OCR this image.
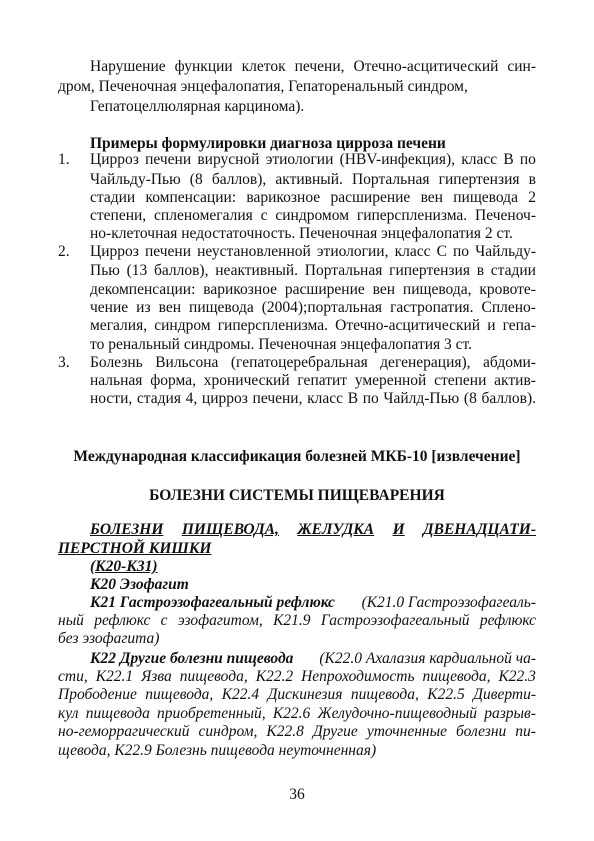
Нарушение функции клеток печени, Отечно-асцитический син-
дром, Печеночная энцефалопатия, Гепаторенальный синдром,
Гепатоцеллюлярная карцинома).
Примеры формулировки диагноза цирроза печени
1. Цирроз печени вирусной этиологии (HBV-инфекция), класс В по
Чайльду-Пью (8 баллов), активный. Портальная гипертензия в
стадии компенсации: варикозное расширение вен пищевода 2
степени, спленомегалия с синдромом гиперспленизма. Печеноч-
но-клеточная недостаточность. Печеночная энцефалопатия 2 ст.
2. Цирроз печени неустановленной этиологии, класс С по Чайльду-
Пью (13 баллов), неактивный. Портальная гипертензия в стадии
декомпенсации: варикозное расширение вен пищевода, кровоте-
чение из вен пищевода (2004);портальная гастропатия. Сплено-
мегалия, синдром гиперспленизма. Отечно-асцитический и гепа-
то ренальный синдромы. Печеночная энцефалопатия 3 ст.
3. Болезнь Вильсона (гепатоцеребральная дегенерация), абдоми-
нальная форма, хронический гепатит умеренной степени актив-
ности, стадия 4, цирроз печени, класс В по Чайлд-Пью (8 баллов).
Международная классификация болезней МКБ-10 [извлечение]
БОЛЕЗНИ СИСТЕМЫ ПИЩЕВАРЕНИЯ
БОЛЕЗНИ ПИЩЕВОДА, ЖЕЛУДКА И ДВЕНАДЦАТИ-
ПЕРСТНОЙ КИШКИ
(К20-К31)
К20 Эзофагит
К21 Гастроэзофагеальный рефлюкс (К21.0 Гастроэзофагеаль-
ный рефлюкс с эзофагитом, К21.9 Гастроэзофагеальный рефлюкс
без эзофагита)
К22 Другие болезни пищевода (К22.0 Ахалазия кардиальной ча-
сти, К22.1 Язва пищевода, К22.2 Непроходимость пищевода, К22.3
Прободение пищевода, К22.4 Дискинезия пищевода, К22.5 Диверти-
кул пищевода приобретенный, К22.6 Желудочно-пищеводный разрыв-
но-геморрагический синдром, К22.8 Другие уточненные болезни пи-
щевода, К22.9 Болезнь пищевода неуточненная)
36
